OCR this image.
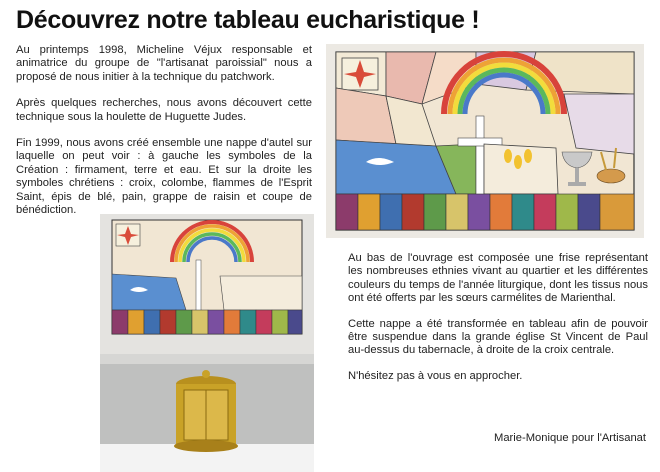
Découvrez notre tableau eucharistique !

Au printemps 1998, Micheline Véjux responsable et animatrice du groupe de "l'artisanat paroissial" nous a proposé de nous initier à la technique du patchwork.

Après quelques recherches, nous avons découvert cette technique sous la houlette de Huguette Judes.

Fin 1999, nous avons créé ensemble une nappe d'autel sur laquelle on peut voir : à gauche les symboles de la Création : firmament, terre et eau. Et sur la droite les symboles chrétiens : croix, colombe, flammes de l'Esprit Saint, épis de blé, pain, grappe de raisin et coupe de bénédiction.

Au bas de l'ouvrage est composée une frise représentant les nombreuses ethnies vivant au quartier et les différentes couleurs du temps de l'année liturgique, dont les tissus nous ont été offerts par les sœurs carmélites de Marienthal.

Cette nappe a été transformée en tableau afin de pouvoir être suspendue dans la grande église St Vincent de Paul au-dessus du tabernacle, à droite de la croix centrale.

N'hésitez pas à vous en approcher.

Marie-Monique pour l'Artisanat
